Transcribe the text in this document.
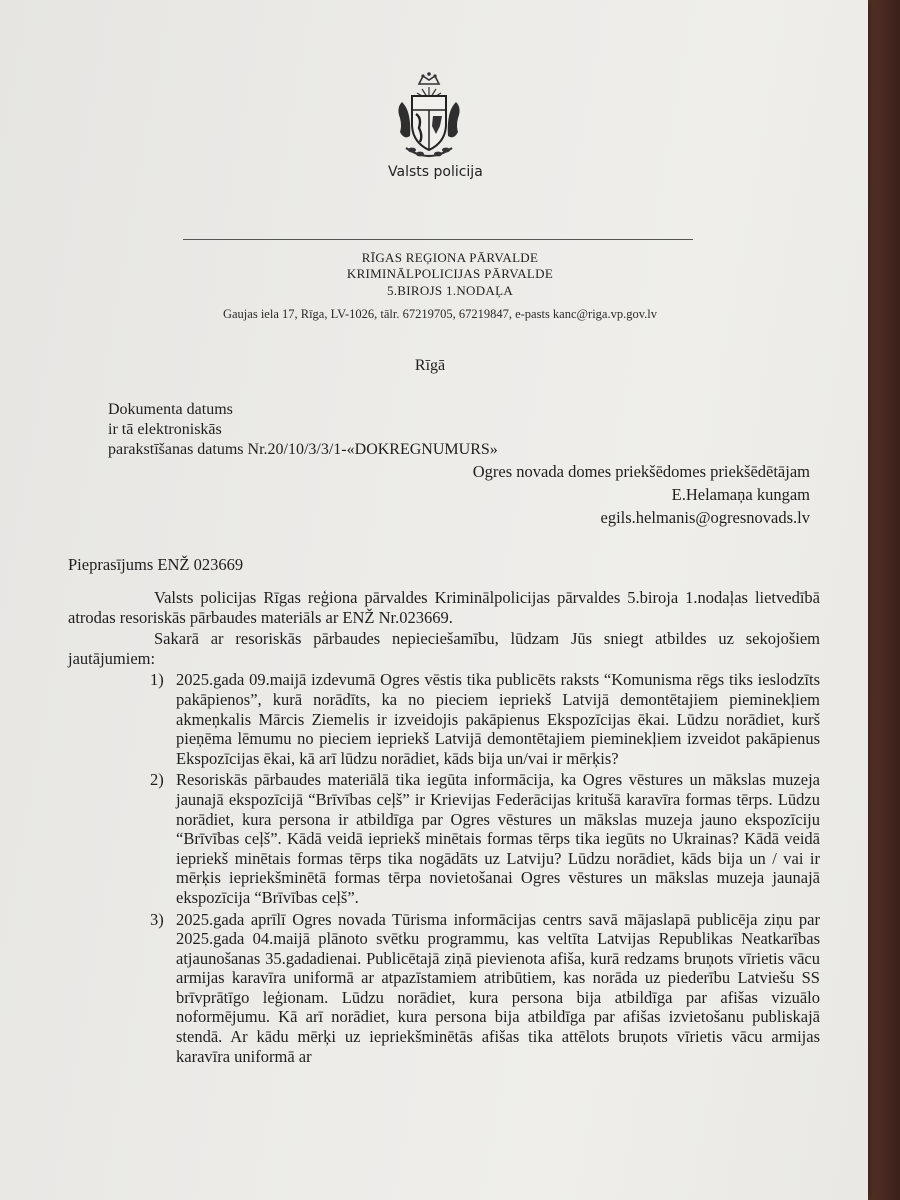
Valsts policija
RĪGAS REĢIONA PĀRVALDE
KRIMINĀLPOLICIJAS PĀRVALDE
5.BIROJS 1.NODAĻA
Gaujas iela 17, Rīga, LV-1026, tālr. 67219705, 67219847, e-pasts kanc@riga.vp.gov.lv
Rīgā
Dokumenta datums
ir tā elektroniskās
parakstīšanas datums Nr.20/10/3/3/1-«DOKREGNUMURS»
Ogres novada domes priekšēdomes priekšēdētājam
E.Helamaņa kungam
egils.helmanis@ogresnovads.lv
Pieprasījums ENŽ 023669

Valsts policijas Rīgas reģiona pārvaldes Kriminālpolicijas pārvaldes 5.biroja 1.nodaļas lietvedībā atrodas resoriskās pārbaudes materiāls ar ENŽ Nr.023669.

Sakarā ar resoriskās pārbaudes nepieciešamību, lūdzam Jūs sniegt atbildes uz sekojošiem jautājumiem:

1) 2025.gada 09.maijā izdevumā Ogres vēstis tika publicēts raksts “Komunisma rēgs tiks ieslodzīts pakāpienos”, kurā norādīts, ka no pieciem iepriekš Latvijā demontētajiem pieminekļiem akmeņkalis Mārcis Ziemelis ir izveidojis pakāpienus Ekspozīcijas ēkai. Lūdzu norādiet, kurš pieņēma lēmumu no pieciem iepriekš Latvijā demontētajiem pieminekļiem izveidot pakāpienus Ekspozīcijas ēkai, kā arī lūdzu norādiet, kāds bija un/vai ir mērķis?
2) Resoriskās pārbaudes materiālā tika iegūta informācija, ka Ogres vēstures un mākslas muzeja jaunajā ekspozīcijā “Brīvības ceļš” ir Krievijas Federācijas kritušā karavīra formas tērps. Lūdzu norādiet, kura persona ir atbildīga par Ogres vēstures un mākslas muzeja jauno ekspozīciju “Brīvības ceļš”. Kādā veidā iepriekš minētais formas tērps tika iegūts no Ukrainas? Kādā veidā iepriekš minētais formas tērps tika nogādāts uz Latviju? Lūdzu norādiet, kāds bija un / vai ir mērķis iepriekšminētā formas tērpa novietošanai Ogres vēstures un mākslas muzeja jaunajā ekspozīcija “Brīvības ceļš”.
3) 2025.gada aprīlī Ogres novada Tūrisma informācijas centrs savā mājaslapā publicēja ziņu par 2025.gada 04.maijā plānoto svētku programmu, kas veltīta Latvijas Republikas Neatkarības atjaunošanas 35.gadadienai. Publicētajā ziņā pievienota afiša, kurā redzams bruņots vīrietis vācu armijas karavīra uniformā ar atpazīstamiem atribūtiem, kas norāda uz piederību Latviešu SS brīvprātīgo leģionam. Lūdzu norādiet, kura persona bija atbildīga par afišas vizuālo noformējumu. Kā arī norādiet, kura persona bija atbildīga par afišas izvietošanu publiskajā stendā. Ar kādu mērķi uz iepriekšminētās afišas tika attēlots bruņots vīrietis vācu armijas karavīra uniformā ar
